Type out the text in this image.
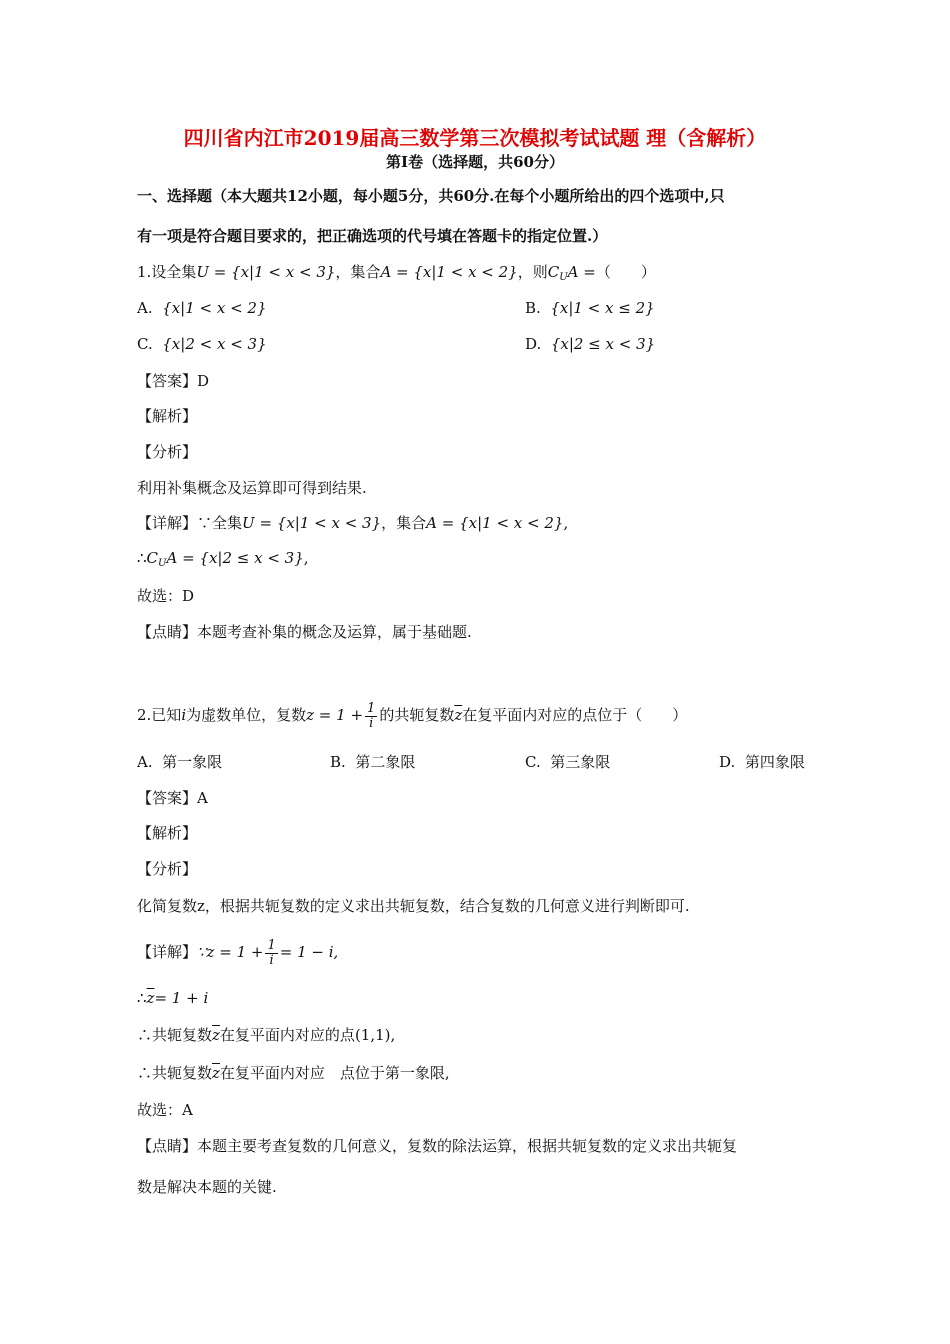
四川省内江市2019届高三数学第三次模拟考试试题 理（含解析）
第Ⅰ卷（选择题，共60分）
一、选择题（本大题共12小题，每小题5分，共60分.在每个小题所给出的四个选项中,只
有一项是符合题目要求的，把正确选项的代号填在答题卡的指定位置.）
1.设全集U = {x|1 < x < 3}，集合A = {x|1 < x < 2}，则$C_UA$ =（　　）
A. {x|1 < x < 2}	B. {x|1 < x ≤ 2}
C. {x|2 < x < 3}	D. {x|2 ≤ x < 3}
【答案】D
【解析】
【分析】
利用补集概念及运算即可得到结果.
【详解】∵全集U = {x|1 < x < 3}，集合A = {x|1 < x < 2},
$\therefore C_UA = \{x|2 \le x < 3\}$,
故选：D
【点睛】本题考查补集的概念及运算，属于基础题.
2.已知i为虚数单位，复数$z = 1 + \frac{1}{i}$ 的共轭复数$\overline{z}$在复平面内对应的点位于（　　）
A. 第一象限	B. 第二象限	C. 第三象限	D. 第四象限
【答案】A
【解析】
【分析】
化简复数z，根据共轭复数的定义求出共轭复数，结合复数的几何意义进行判断即可.
【详解】∵z = $1 + \frac{1}{i} = 1 - i$,
$\therefore\overline{z}= 1 + i$
∴共轭复数$\overline{z}$在复平面内对应的点(1,1),
∴共轭复数$\overline{z}$在复平面内对应　点位于第一象限,
故选：A
【点睛】本题主要考查复数的几何意义，复数的除法运算，根据共轭复数的定义求出共轭复
数是解决本题的关键.
